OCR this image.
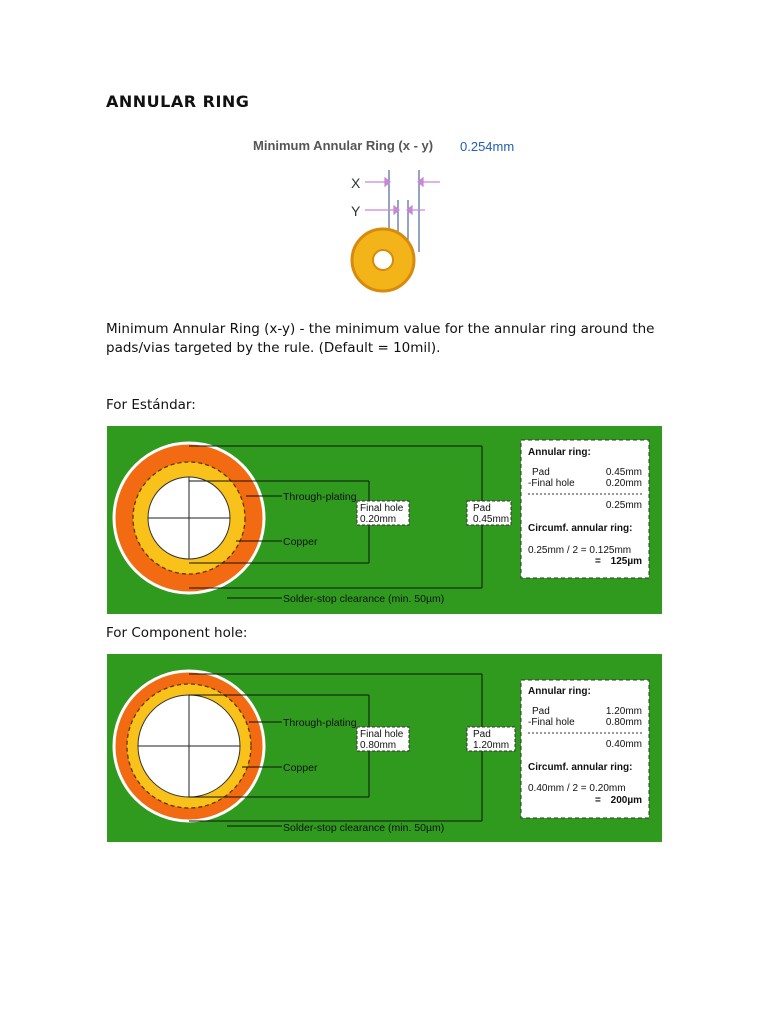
ANNULAR RING
Minimum Annular Ring (x - y) 0.254mm
X
Y

Minimum Annular Ring (x-y) - the minimum value for the annular ring around the pads/vias targeted by the rule. (Default = 10mil).

For Estándar:

Through-plating
Copper
Final hole
0.20mm
Pad
0.45mm
Solder-stop clearance (min. 50µm)
Annular ring:
Pad	0.45mm
-Final hole	0.20mm
0.25mm
Circumf. annular ring:
0.25mm / 2 = 0.125mm
= 125µm

For Component hole:

Through-plating
Copper
Final hole
0.80mm
Pad
1.20mm
Solder-stop clearance (min. 50µm)
Annular ring:
Pad	1.20mm
-Final hole	0.80mm
0.40mm
Circumf. annular ring:
0.40mm / 2 = 0.20mm
= 200µm
